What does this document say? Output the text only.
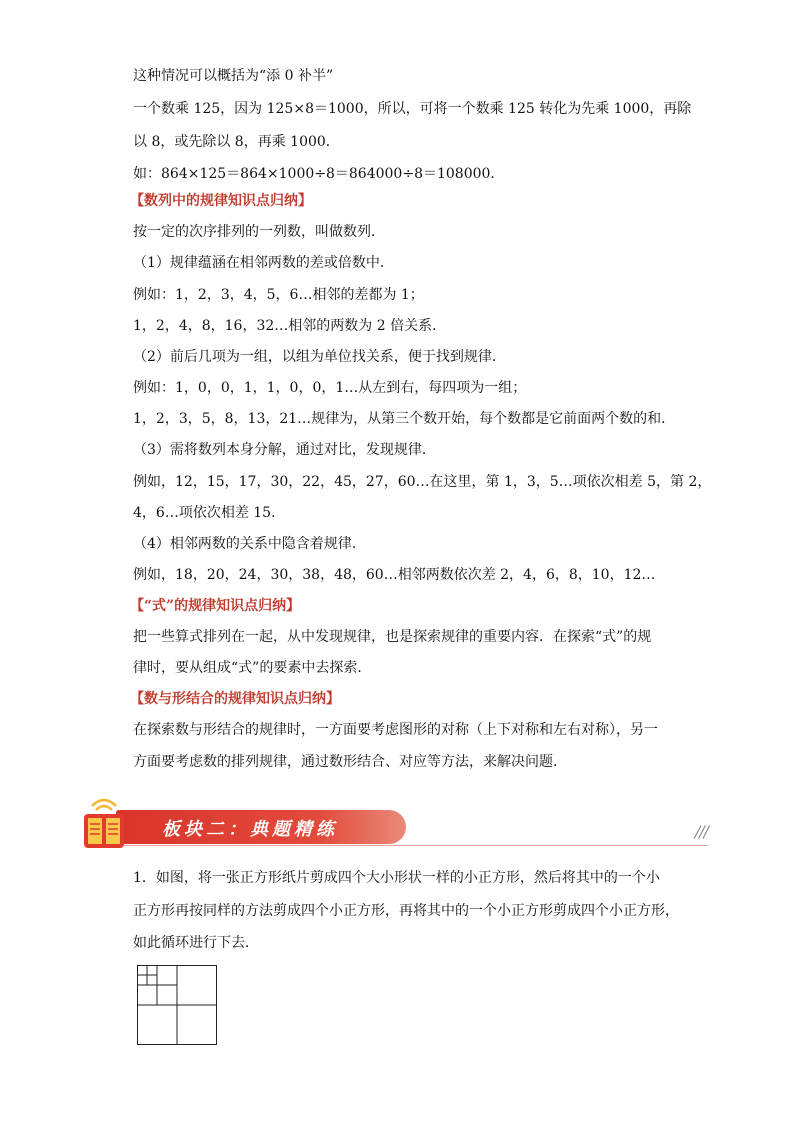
这种情况可以概括为“添 0 补半”
一个数乘 125，因为 125×8＝1000，所以，可将一个数乘 125 转化为先乘 1000，再除
以 8，或先除以 8，再乘 1000．
如：864×125＝864×1000÷8＝864000÷8＝108000．
【数列中的规律知识点归纳】
按一定的次序排列的一列数，叫做数列．
（1）规律蕴涵在相邻两数的差或倍数中．
例如：1，2，3，4，5，6…相邻的差都为 1；
1，2，4，8，16，32…相邻的两数为 2 倍关系．
（2）前后几项为一组，以组为单位找关系，便于找到规律．
例如：1，0，0，1，1，0，0，1…从左到右，每四项为一组；
1，2，3，5，8，13，21…规律为，从第三个数开始，每个数都是它前面两个数的和．
（3）需将数列本身分解，通过对比，发现规律．
例如，12，15，17，30，22，45，27，60…在这里，第 1，3，5…项依次相差 5，第 2，
4，6…项依次相差 15．
（4）相邻两数的关系中隐含着规律．
例如，18，20，24，30，38，48，60…相邻两数依次差 2，4，6，8，10，12…
【“式”的规律知识点归纳】
把一些算式排列在一起，从中发现规律，也是探索规律的重要内容．在探索“式”的规
律时，要从组成“式”的要素中去探索．
【数与形结合的规律知识点归纳】
在探索数与形结合的规律时，一方面要考虑图形的对称（上下对称和左右对称），另一
方面要考虑数的排列规律，通过数形结合、对应等方法，来解决问题．
板块二：典题精练	///
1．如图，将一张正方形纸片剪成四个大小形状一样的小正方形，然后将其中的一个小
正方形再按同样的方法剪成四个小正方形，再将其中的一个小正方形剪成四个小正方形，
如此循环进行下去．
